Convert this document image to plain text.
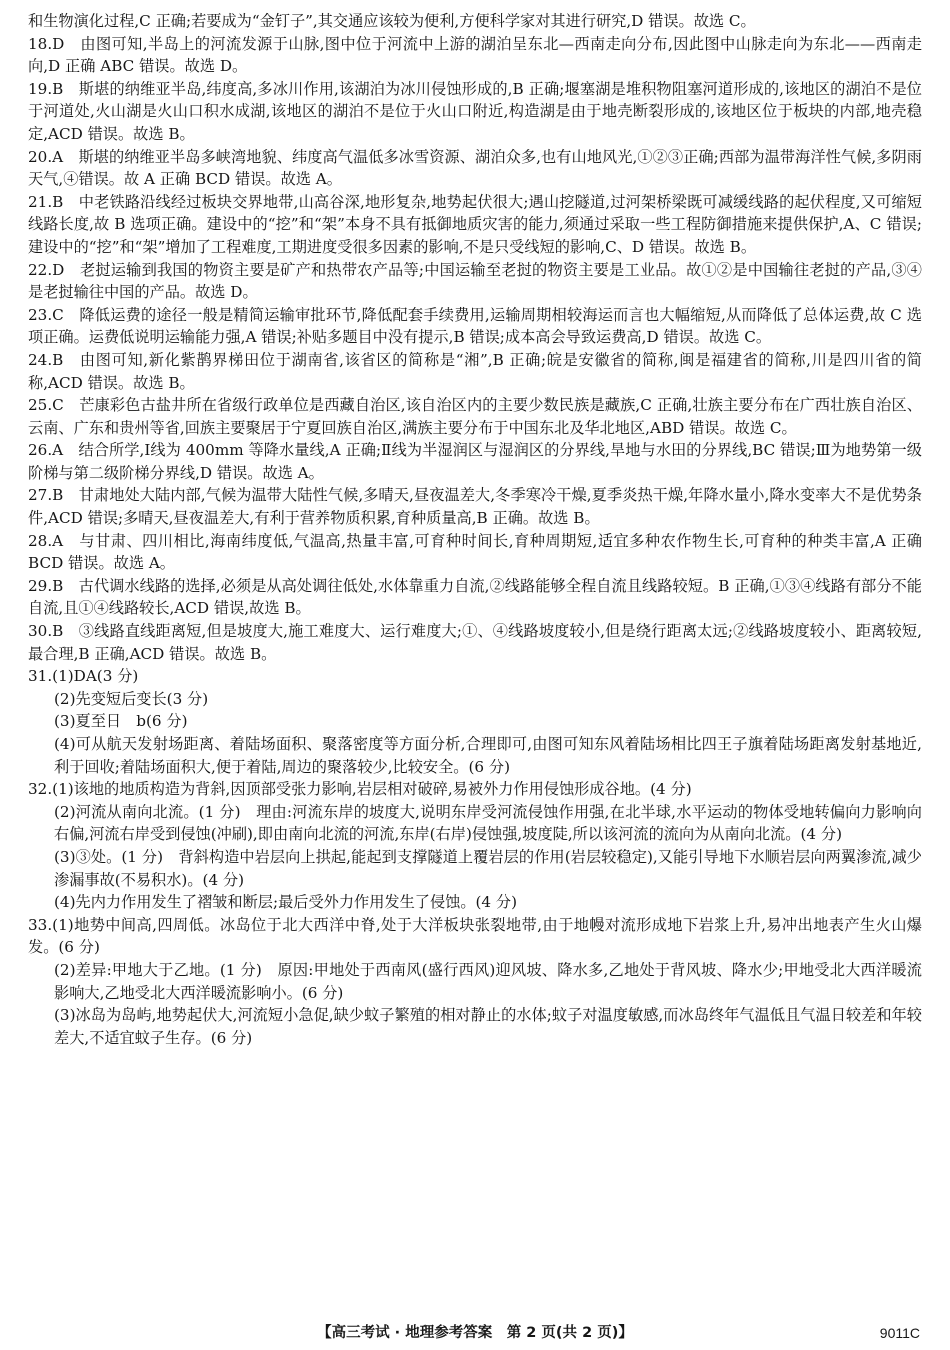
和生物演化过程,C 正确;若要成为“金钉子”,其交通应该较为便利,方便科学家对其进行研究,D 错误。故选 C。

18.D　由图可知,半岛上的河流发源于山脉,图中位于河流中上游的湖泊呈东北—西南走向分布,因此图中山脉走向为东北——西南走向,D 正确 ABC 错误。故选 D。

19.B　斯堪的纳维亚半岛,纬度高,多冰川作用,该湖泊为冰川侵蚀形成的,B 正确;堰塞湖是堆积物阻塞河道形成的,该地区的湖泊不是位于河道处,火山湖是火山口积水成湖,该地区的湖泊不是位于火山口附近,构造湖是由于地壳断裂形成的,该地区位于板块的内部,地壳稳定,ACD 错误。故选 B。

20.A　斯堪的纳维亚半岛多峡湾地貌、纬度高气温低多冰雪资源、湖泊众多,也有山地风光,①②③正确;西部为温带海洋性气候,多阴雨天气,④错误。故 A 正确 BCD 错误。故选 A。

21.B　中老铁路沿线经过板块交界地带,山高谷深,地形复杂,地势起伏很大;遇山挖隧道,过河架桥梁既可减缓线路的起伏程度,又可缩短线路长度,故 B 选项正确。建设中的“挖”和“架”本身不具有抵御地质灾害的能力,须通过采取一些工程防御措施来提供保护,A、C 错误;建设中的“挖”和“架”增加了工程难度,工期进度受很多因素的影响,不是只受线短的影响,C、D 错误。故选 B。

22.D　老挝运输到我国的物资主要是矿产和热带农产品等;中国运输至老挝的物资主要是工业品。故①②是中国输往老挝的产品,③④是老挝输往中国的产品。故选 D。

23.C　降低运费的途径一般是精简运输审批环节,降低配套手续费用,运输周期相较海运而言也大幅缩短,从而降低了总体运费,故 C 选项正确。运费低说明运输能力强,A 错误;补贴多题目中没有提示,B 错误;成本高会导致运费高,D 错误。故选 C。

24.B　由图可知,新化紫鹊界梯田位于湖南省,该省区的简称是“湘”,B 正确;皖是安徽省的简称,闽是福建省的简称,川是四川省的简称,ACD 错误。故选 B。

25.C　芒康彩色古盐井所在省级行政单位是西藏自治区,该自治区内的主要少数民族是藏族,C 正确,壮族主要分布在广西壮族自治区、云南、广东和贵州等省,回族主要聚居于宁夏回族自治区,满族主要分布于中国东北及华北地区,ABD 错误。故选 C。

26.A　结合所学,Ⅰ线为 400mm 等降水量线,A 正确;Ⅱ线为半湿润区与湿润区的分界线,旱地与水田的分界线,BC 错误;Ⅲ为地势第一级阶梯与第二级阶梯分界线,D 错误。故选 A。

27.B　甘肃地处大陆内部,气候为温带大陆性气候,多晴天,昼夜温差大,冬季寒冷干燥,夏季炎热干燥,年降水量小,降水变率大不是优势条件,ACD 错误;多晴天,昼夜温差大,有利于营养物质积累,育种质量高,B 正确。故选 B。

28.A　与甘肃、四川相比,海南纬度低,气温高,热量丰富,可育种时间长,育种周期短,适宜多种农作物生长,可育种的种类丰富,A 正确 BCD 错误。故选 A。

29.B　古代调水线路的选择,必须是从高处调往低处,水体靠重力自流,②线路能够全程自流且线路较短。B 正确,①③④线路有部分不能自流,且①④线路较长,ACD 错误,故选 B。

30.B　③线路直线距离短,但是坡度大,施工难度大、运行难度大;①、④线路坡度较小,但是绕行距离太远;②线路坡度较小、距离较短,最合理,B 正确,ACD 错误。故选 B。

31.(1)DA(3 分)

(2)先变短后变长(3 分)

(3)夏至日　b(6 分)

(4)可从航天发射场距离、着陆场面积、聚落密度等方面分析,合理即可,由图可知东风着陆场相比四王子旗着陆场距离发射基地近,利于回收;着陆场面积大,便于着陆,周边的聚落较少,比较安全。(6 分)

32.(1)该地的地质构造为背斜,因顶部受张力影响,岩层相对破碎,易被外力作用侵蚀形成谷地。(4 分)

(2)河流从南向北流。(1 分)　理由:河流东岸的坡度大,说明东岸受河流侵蚀作用强,在北半球,水平运动的物体受地转偏向力影响向右偏,河流右岸受到侵蚀(冲刷),即由南向北流的河流,东岸(右岸)侵蚀强,坡度陡,所以该河流的流向为从南向北流。(4 分)

(3)③处。(1 分)　背斜构造中岩层向上拱起,能起到支撑隧道上覆岩层的作用(岩层较稳定),又能引导地下水顺岩层向两翼渗流,减少渗漏事故(不易积水)。(4 分)

(4)先内力作用发生了褶皱和断层;最后受外力作用发生了侵蚀。(4 分)

33.(1)地势中间高,四周低。冰岛位于北大西洋中脊,处于大洋板块张裂地带,由于地幔对流形成地下岩浆上升,易冲出地表产生火山爆发。(6 分)

(2)差异:甲地大于乙地。(1 分)　原因:甲地处于西南风(盛行西风)迎风坡、降水多,乙地处于背风坡、降水少;甲地受北大西洋暖流影响大,乙地受北大西洋暖流影响小。(6 分)

(3)冰岛为岛屿,地势起伏大,河流短小急促,缺少蚊子繁殖的相对静止的水体;蚊子对温度敏感,而冰岛终年气温低且气温日较差和年较差大,不适宜蚊子生存。(6 分)

【高三考试 · 地理参考答案　第 2 页(共 2 页)】	9011C
